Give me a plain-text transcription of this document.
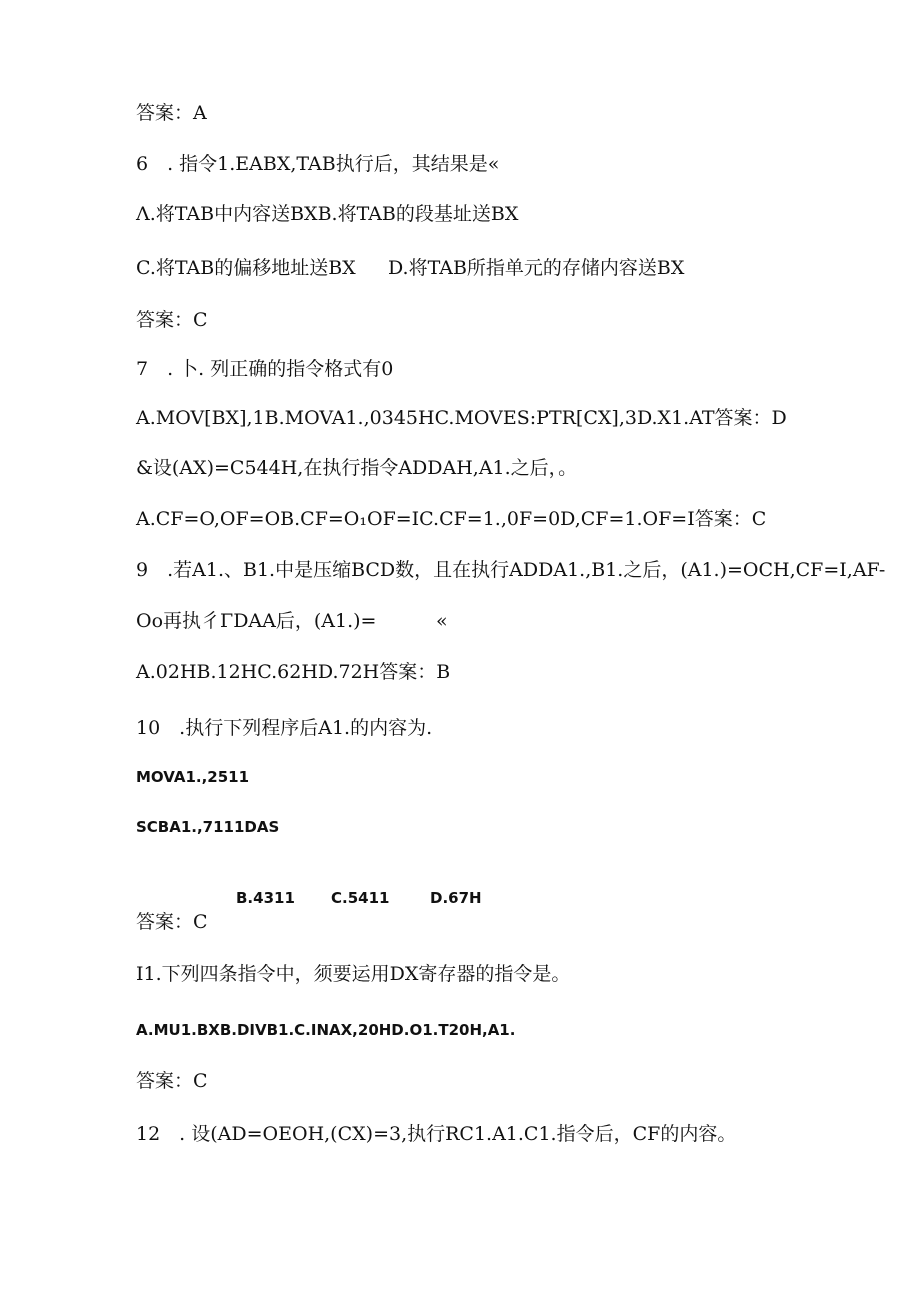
答案：A
6　. 指令1.EABX,TAB执行后，其结果是«
Λ.将TAB中内容送BXB.将TAB的段基址送BX
C.将TAB的偏移地址送BX D.将TAB所指单元的存储内容送BX
答案：C
7　. 卜. 列正确的指令格式有0
A.MOV[BX],1B.MOVA1.,0345HC.MOVES:PTR[CX],3D.X1.AT答案：D
&设(AX)=C544H,在执行指令ADDAH,A1.之后，。
A.CF=O,OF=OB.CF=O₁OF=IC.CF=1.,0F=0D,CF=1.OF=I答案：C
9　.若A1.、B1.中是压缩BCD数，且在执行ADDA1.,B1.之后，(A1.)=OCH,CF=I,AF-
Oo再执彳ΓDAA后，(A1.)=	«
A.02HB.12HC.62HD.72H答案：B
10　.执行下列程序后A1.的内容为.
MOVA1.,2511
SCBA1.,7111DAS
B.4311 C.5411	D.67H
答案：C
I1.下列四条指令中，须要运用DX寄存器的指令是。
A.MU1.BXB.DIVB1.C.INAX,20HD.O1.T20H,A1.
答案：C
12　. 设(AD=OEOH,(CX)=3,执行RC1.A1.C1.指令后，CF的内容。
